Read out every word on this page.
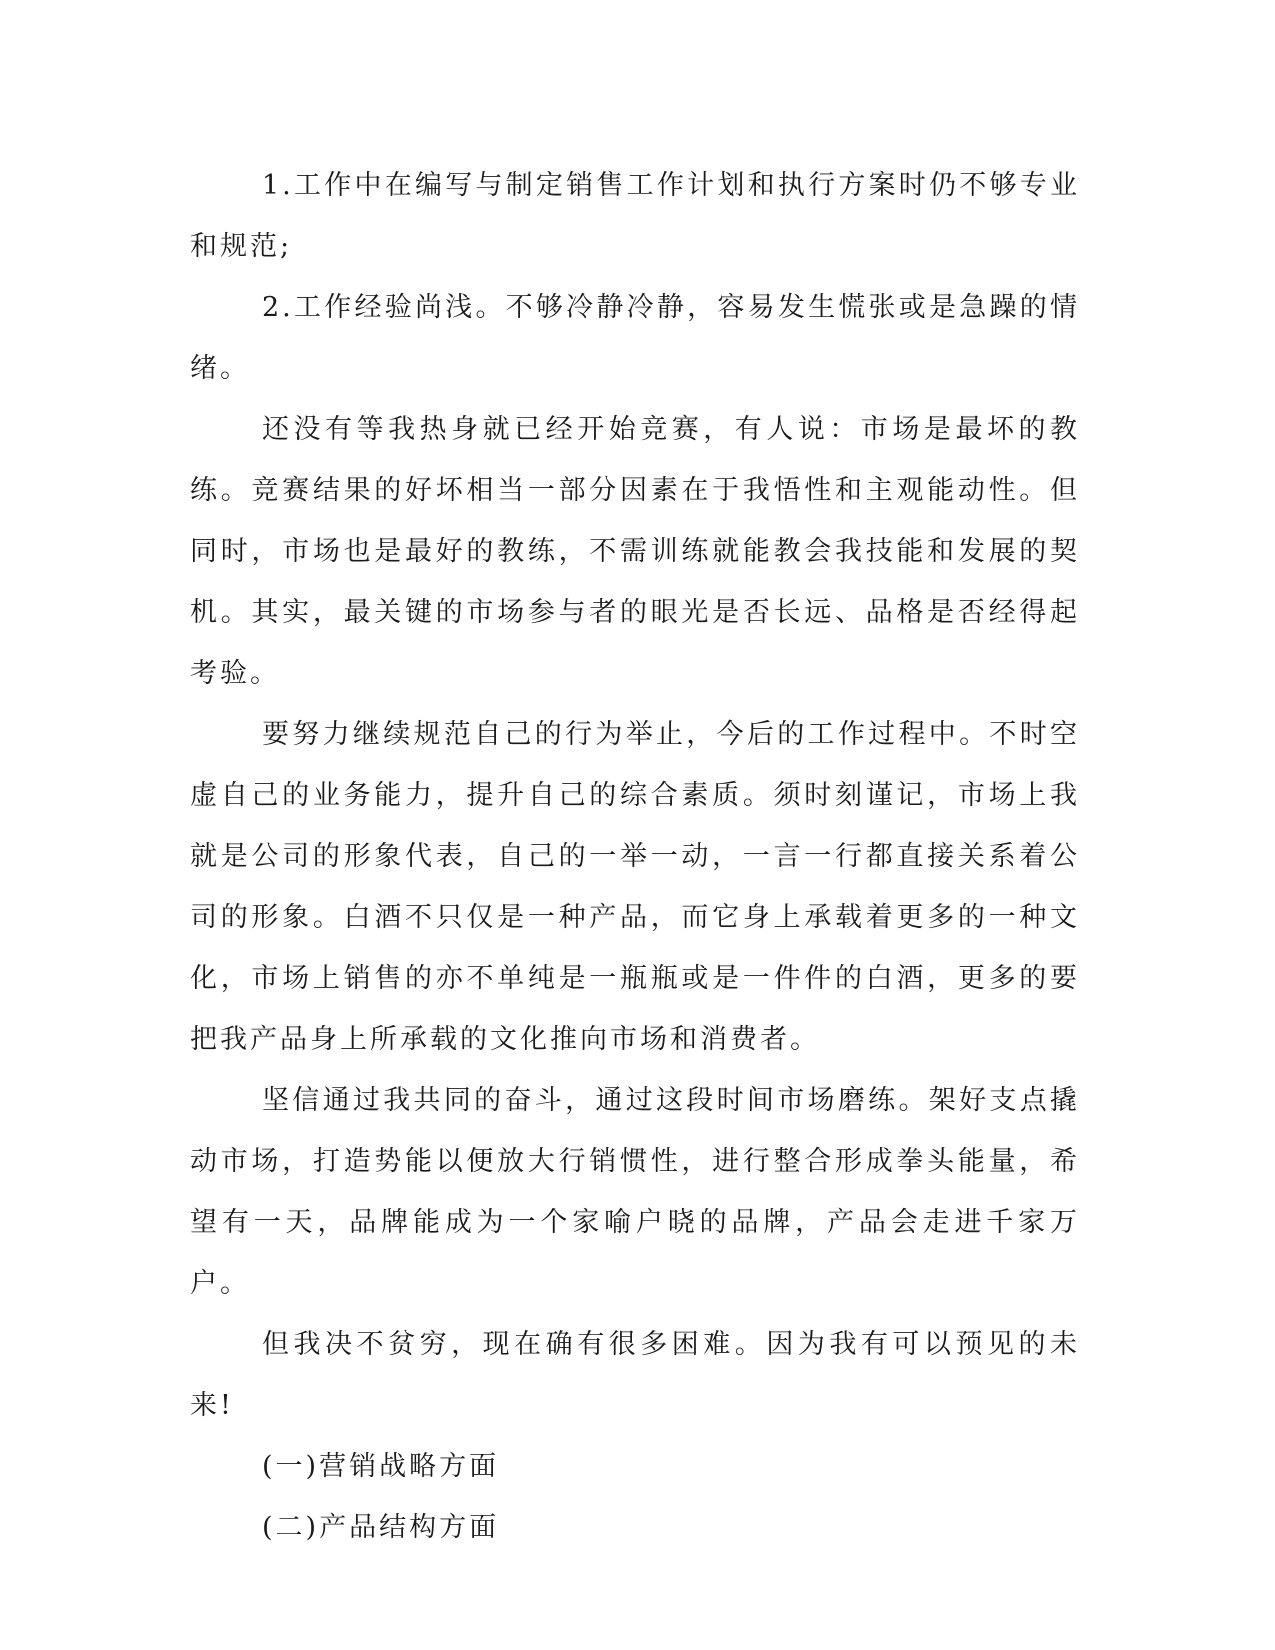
1.工作中在编写与制定销售工作计划和执行方案时仍不够专业和规范;

2.工作经验尚浅。不够冷静冷静，容易发生慌张或是急躁的情绪。

还没有等我热身就已经开始竞赛，有人说：市场是最坏的教练。竞赛结果的好坏相当一部分因素在于我悟性和主观能动性。但同时，市场也是最好的教练，不需训练就能教会我技能和发展的契机。其实，最关键的市场参与者的眼光是否长远、品格是否经得起考验。

要努力继续规范自己的行为举止，今后的工作过程中。不时空虚自己的业务能力，提升自己的综合素质。须时刻谨记，市场上我就是公司的形象代表，自己的一举一动，一言一行都直接关系着公司的形象。白酒不只仅是一种产品，而它身上承载着更多的一种文化，市场上销售的亦不单纯是一瓶瓶或是一件件的白酒，更多的要把我产品身上所承载的文化推向市场和消费者。

坚信通过我共同的奋斗，通过这段时间市场磨练。架好支点撬动市场，打造势能以便放大行销惯性，进行整合形成拳头能量，希望有一天，品牌能成为一个家喻户晓的品牌，产品会走进千家万户。

但我决不贫穷，现在确有很多困难。因为我有可以预见的未来!

(一)营销战略方面

(二)产品结构方面
